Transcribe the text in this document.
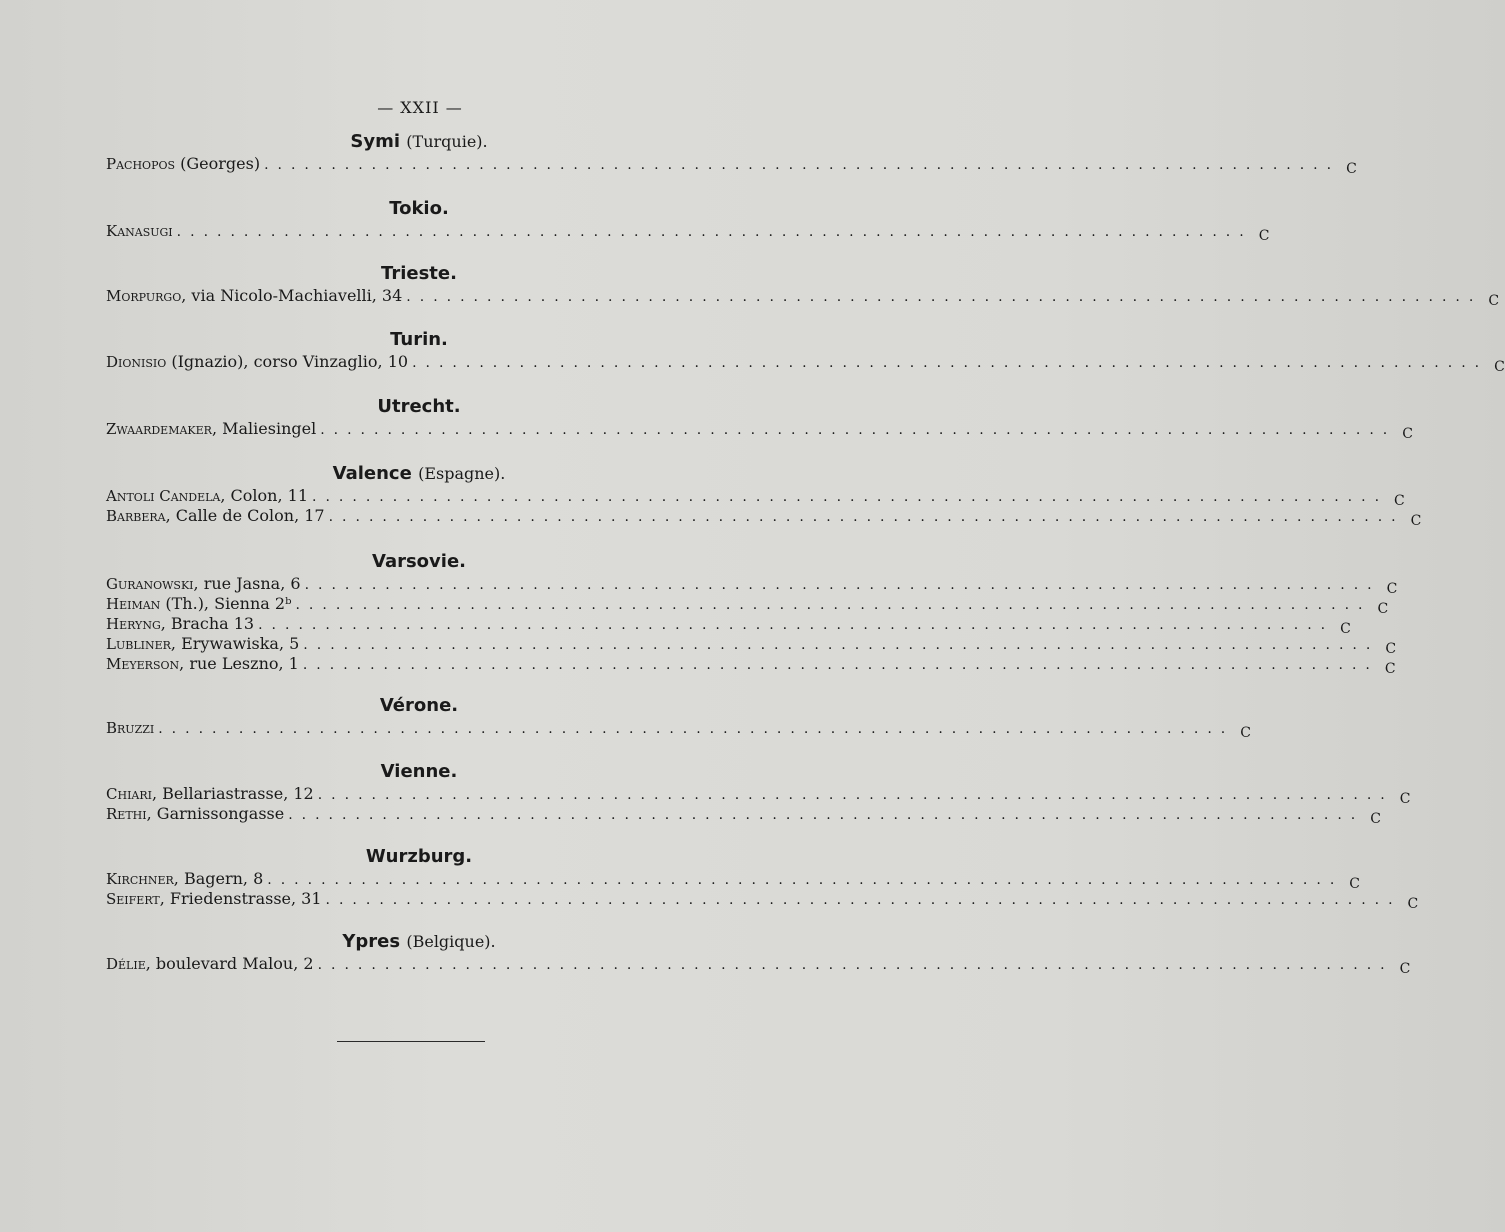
— XXII —
Symi (Turquie).
Pachopos (Georges) ................................................................................ C
Tokio.
Kanasugi ................................................................................ C
Trieste.
Morpurgo, via Nicolo-Machiavelli, 34 ................................................................................ C
Turin.
Dionisio (Ignazio), corso Vinzaglio, 10 ................................................................................ C
Utrecht.
Zwaardemaker, Maliesingel ................................................................................ C
Valence (Espagne).
Antoli Candela, Colon, 11 ................................................................................ C
Barbera, Calle de Colon, 17 ................................................................................ C
Varsovie.
Guranowski, rue Jasna, 6 ................................................................................ C
Heiman (Th.), Sienna 2ᵇ ................................................................................ C
Heryng, Bracha 13 ................................................................................ C
Lubliner, Erywawiska, 5 ................................................................................ C
Meyerson, rue Leszno, 1 ................................................................................ C
Vérone.
Bruzzi ................................................................................ C
Vienne.
Chiari, Bellariastrasse, 12 ................................................................................ C
Rethi, Garnissongasse ................................................................................ C
Wurzburg.
Kirchner, Bagern, 8 ................................................................................ C
Seifert, Friedenstrasse, 31 ................................................................................ C
Ypres (Belgique).
Délie, boulevard Malou, 2 ................................................................................ C
